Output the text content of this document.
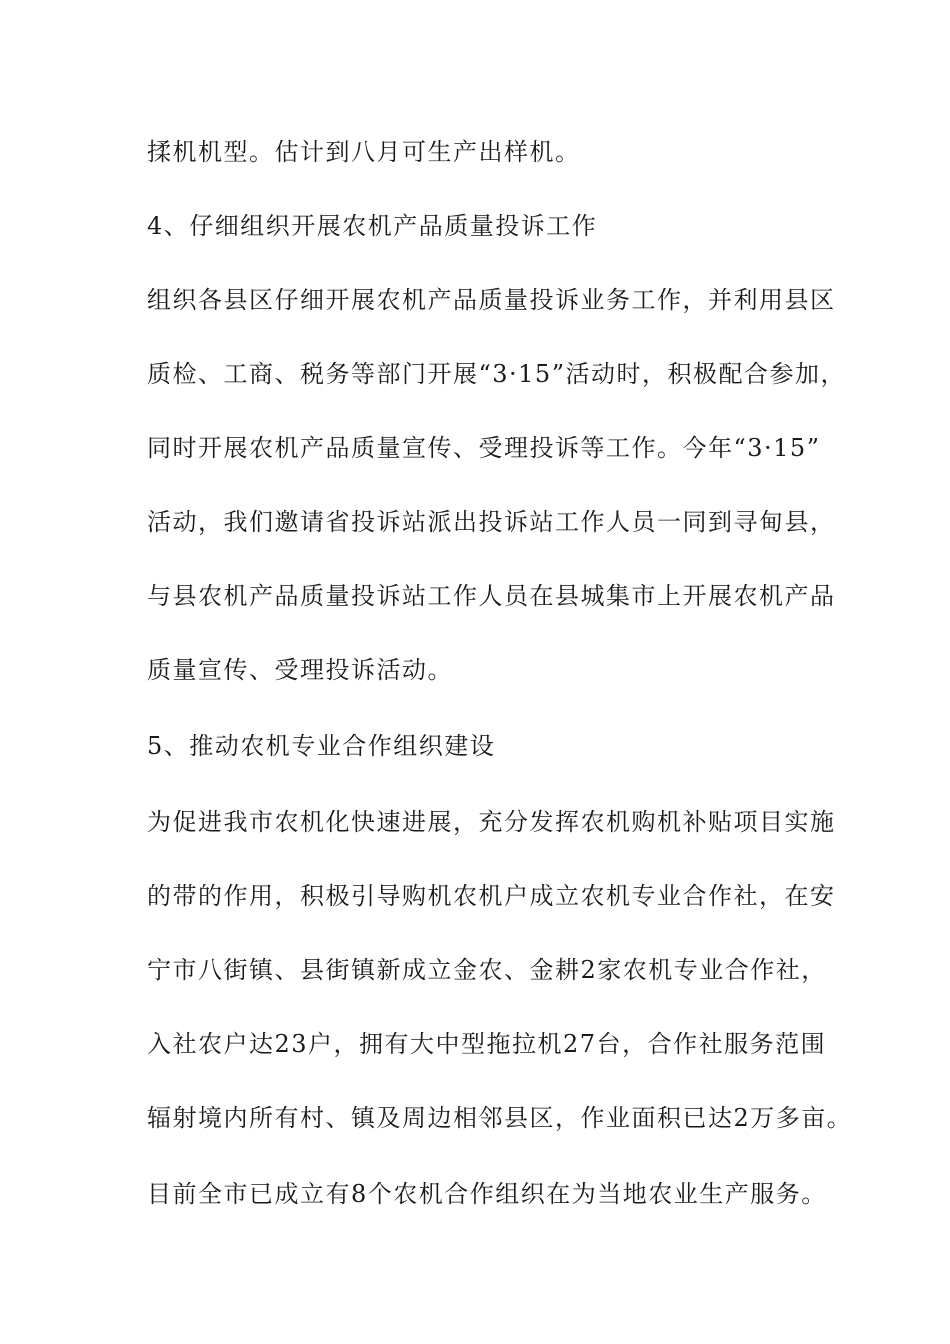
揉机机型。估计到八月可生产出样机。
4、仔细组织开展农机产品质量投诉工作
组织各县区仔细开展农机产品质量投诉业务工作，并利用县区
质检、工商、税务等部门开展“3·15”活动时，积极配合参加，
同时开展农机产品质量宣传、受理投诉等工作。今年“3·15”
活动，我们邀请省投诉站派出投诉站工作人员一同到寻甸县，
与县农机产品质量投诉站工作人员在县城集市上开展农机产品
质量宣传、受理投诉活动。
5、推动农机专业合作组织建设
为促进我市农机化快速进展，充分发挥农机购机补贴项目实施
的带的作用，积极引导购机农机户成立农机专业合作社，在安
宁市八街镇、县街镇新成立金农、金耕2家农机专业合作社，
入社农户达23户，拥有大中型拖拉机27台，合作社服务范围
辐射境内所有村、镇及周边相邻县区，作业面积已达2万多亩。
目前全市已成立有8个农机合作组织在为当地农业生产服务。
